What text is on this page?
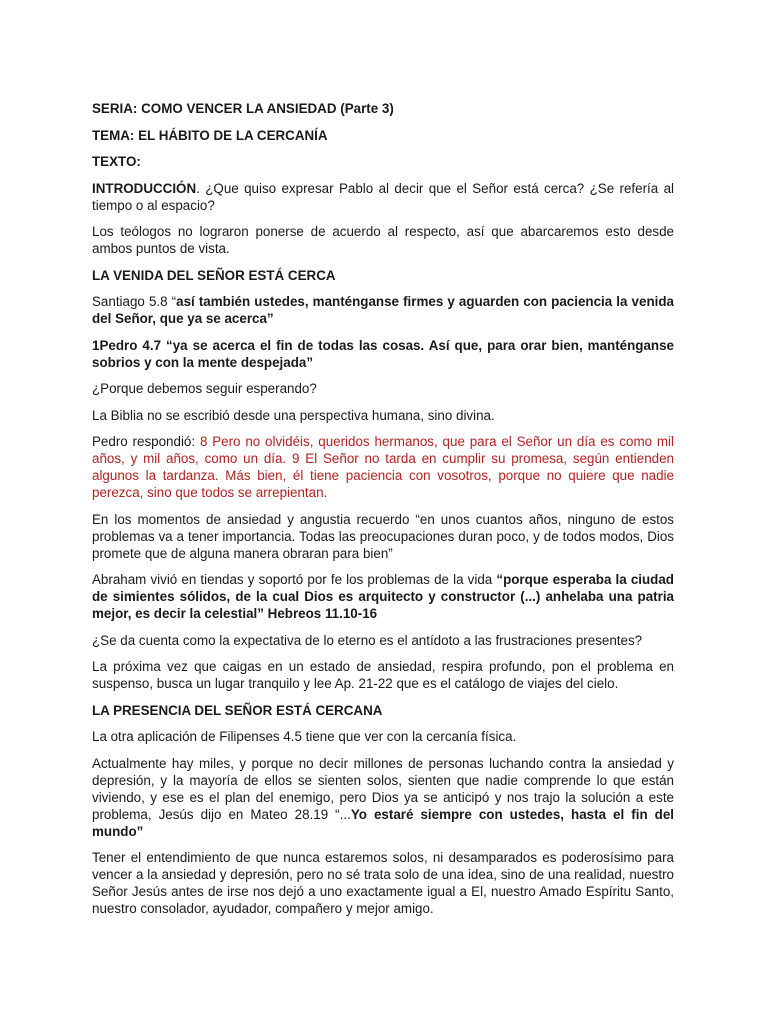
SERIA: COMO VENCER LA ANSIEDAD (Parte 3)
TEMA: EL HÁBITO DE LA CERCANÍA
TEXTO:

INTRODUCCIÓN. ¿Que quiso expresar Pablo al decir que el Señor está cerca? ¿Se refería al tiempo o al espacio?

Los teólogos no lograron ponerse de acuerdo al respecto, así que abarcaremos esto desde ambos puntos de vista.

LA VENIDA DEL SEÑOR ESTÁ CERCA

Santiago 5.8 “así también ustedes, manténganse firmes y aguarden con paciencia la venida del Señor, que ya se acerca”

1Pedro 4.7 “ya se acerca el fin de todas las cosas. Así que, para orar bien, manténganse sobrios y con la mente despejada”

¿Porque debemos seguir esperando?

La Biblia no se escribió desde una perspectiva humana, sino divina.

Pedro respondió: 8 Pero no olvidéis, queridos hermanos, que para el Señor un día es como mil años, y mil años, como un día. 9 El Señor no tarda en cumplir su promesa, según entienden algunos la tardanza. Más bien, él tiene paciencia con vosotros, porque no quiere que nadie perezca, sino que todos se arrepientan.

En los momentos de ansiedad y angustia recuerdo “en unos cuantos años, ninguno de estos problemas va a tener importancia. Todas las preocupaciones duran poco, y de todos modos, Dios promete que de alguna manera obraran para bien”

Abraham vivió en tiendas y soportó por fe los problemas de la vida “porque esperaba la ciudad de simientes sólidos, de la cual Dios es arquitecto y constructor (...) anhelaba una patria mejor, es decir la celestial” Hebreos 11.10-16

¿Se da cuenta como la expectativa de lo eterno es el antídoto a las frustraciones presentes?

La próxima vez que caigas en un estado de ansiedad, respira profundo, pon el problema en suspenso, busca un lugar tranquilo y lee Ap. 21-22 que es el catálogo de viajes del cielo.

LA PRESENCIA DEL SEÑOR ESTÁ CERCANA

La otra aplicación de Filipenses 4.5 tiene que ver con la cercanía física.

Actualmente hay miles, y porque no decir millones de personas luchando contra la ansiedad y depresión, y la mayoría de ellos se sienten solos, sienten que nadie comprende lo que están viviendo, y ese es el plan del enemigo, pero Dios ya se anticipó y nos trajo la solución a este problema, Jesús dijo en Mateo 28.19 “...Yo estaré siempre con ustedes, hasta el fin del mundo”

Tener el entendimiento de que nunca estaremos solos, ni desamparados es poderosísimo para vencer a la ansiedad y depresión, pero no sé trata solo de una idea, sino de una realidad, nuestro Señor Jesús antes de irse nos dejó a uno exactamente igual a El, nuestro Amado Espíritu Santo, nuestro consolador, ayudador, compañero y mejor amigo.
